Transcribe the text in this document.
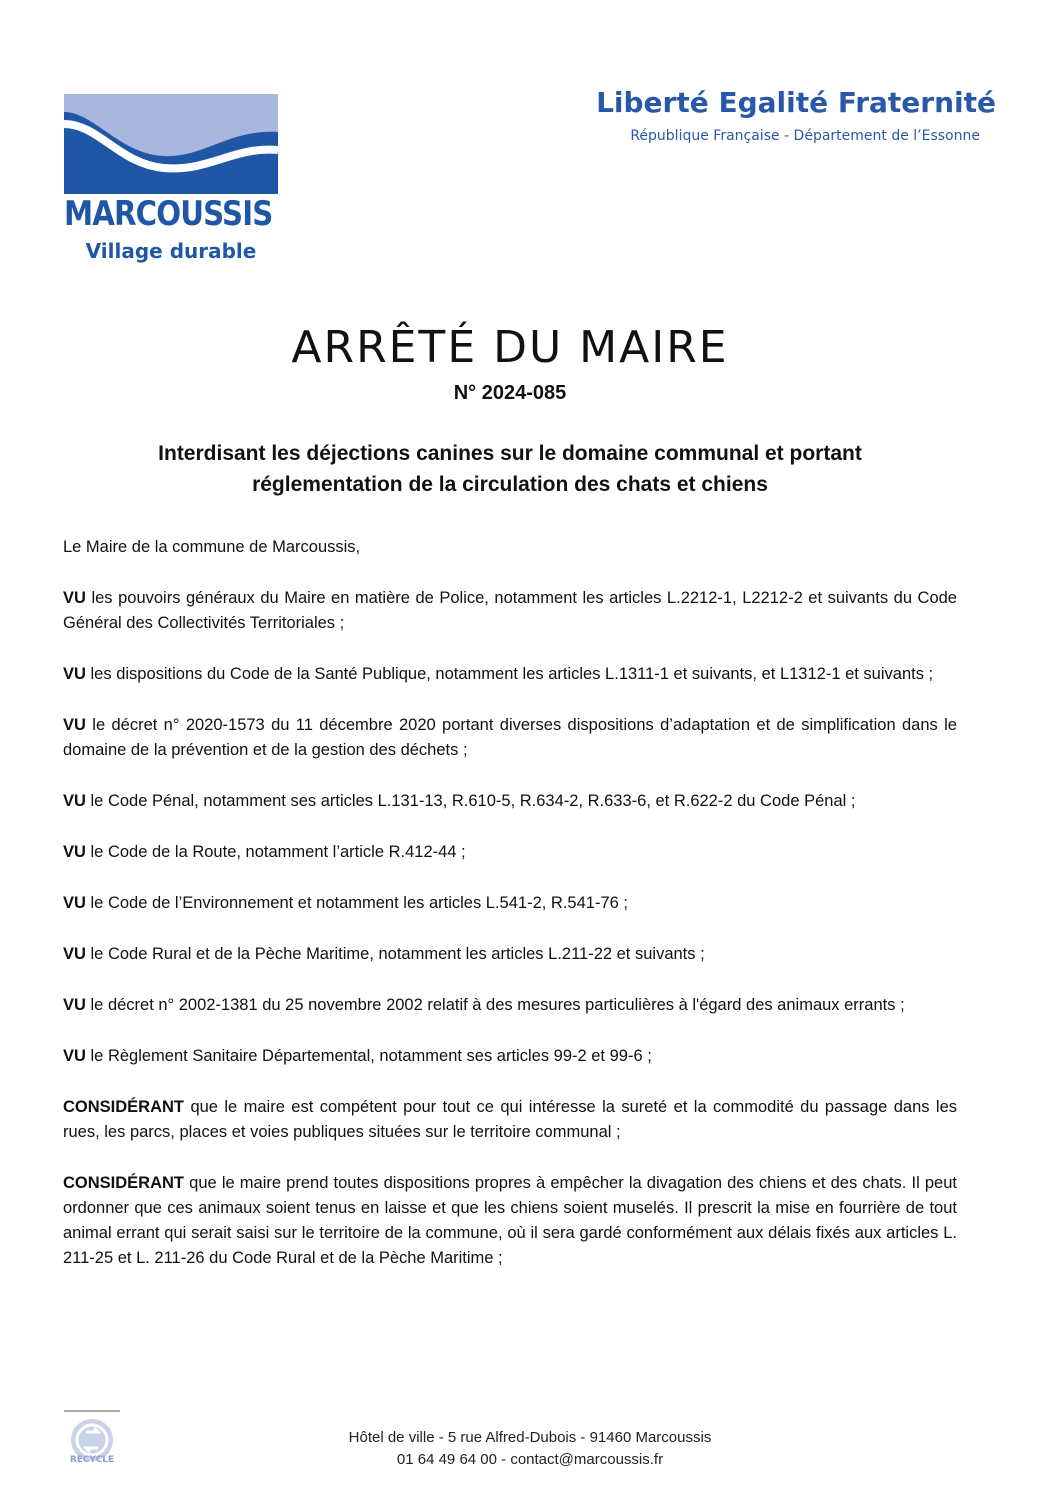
MARCOUSSIS
Village durable
Liberté Egalité Fraternité
République Française - Département de l’Essonne
ARRÊTÉ DU MAIRE
N° 2024-085
Interdisant les déjections canines sur le domaine communal et portant
réglementation de la circulation des chats et chiens

Le Maire de la commune de Marcoussis,

VU les pouvoirs généraux du Maire en matière de Police, notamment les articles L.2212-1, L2212-2 et suivants du Code Général des Collectivités Territoriales ;

VU les dispositions du Code de la Santé Publique, notamment les articles L.1311-1 et suivants, et L1312-1 et suivants ;

VU le décret n° 2020-1573 du 11 décembre 2020 portant diverses dispositions d’adaptation et de simplification dans le domaine de la prévention et de la gestion des déchets ;

VU le Code Pénal, notamment ses articles L.131-13, R.610-5, R.634-2, R.633-6, et R.622-2 du Code Pénal ;

VU le Code de la Route, notamment l’article R.412-44 ;

VU le Code de l’Environnement et notamment les articles L.541-2, R.541-76 ;

VU le Code Rural et de la Pèche Maritime, notamment les articles L.211-22 et suivants ;

VU le décret n° 2002-1381 du 25 novembre 2002 relatif à des mesures particulières à l'égard des animaux errants ;

VU le Règlement Sanitaire Départemental, notamment ses articles 99-2 et 99-6 ;

CONSIDÉRANT que le maire est compétent pour tout ce qui intéresse la sureté et la commodité du passage dans les rues, les parcs, places et voies publiques situées sur le territoire communal ;

CONSIDÉRANT que le maire prend toutes dispositions propres à empêcher la divagation des chiens et des chats. Il peut ordonner que ces animaux soient tenus en laisse et que les chiens soient muselés. Il prescrit la mise en fourrière de tout animal errant qui serait saisi sur le territoire de la commune, où il sera gardé conformément aux délais fixés aux articles L. 211-25 et L. 211-26 du Code Rural et de la Pèche Maritime ;

RECYCLE
Hôtel de ville - 5 rue Alfred-Dubois - 91460 Marcoussis
01 64 49 64 00 - contact@marcoussis.fr
